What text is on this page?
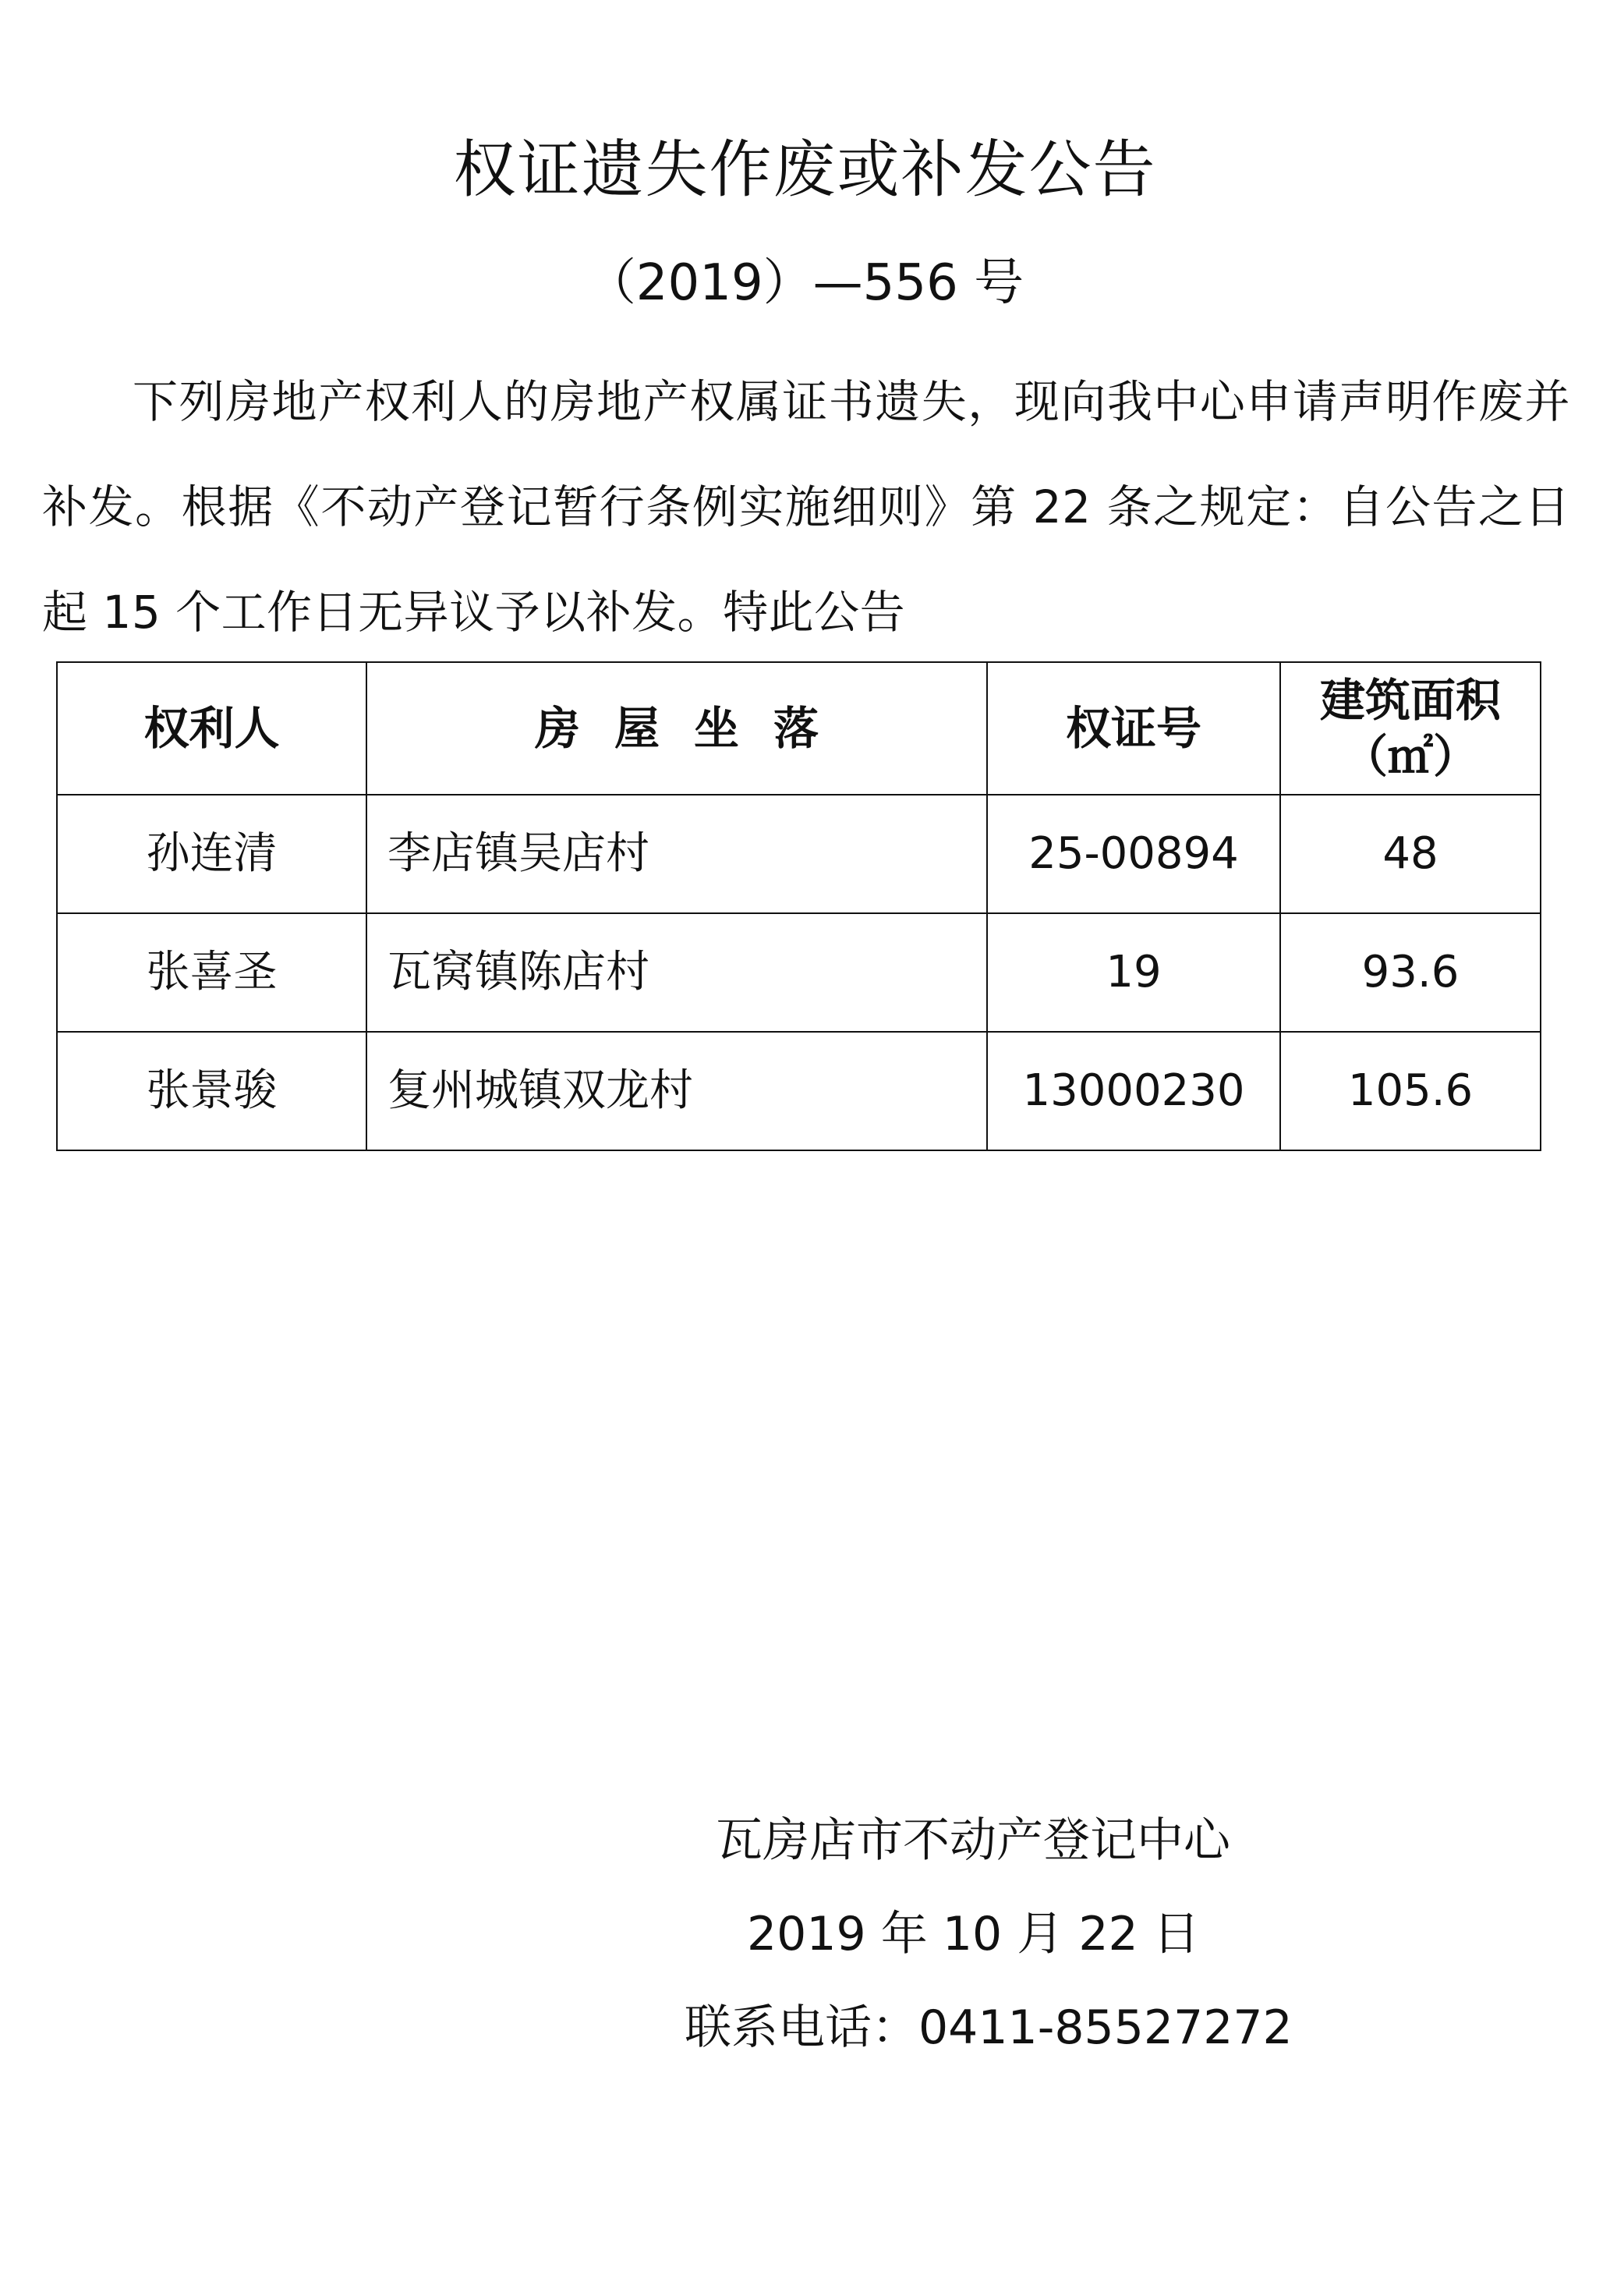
权证遗失作废或补发公告
（2019）—556 号
下列房地产权利人的房地产权属证书遗失，现向我中心申请声明作废并补发。根据《不动产登记暂行条例实施细则》第 22 条之规定：自公告之日起 15 个工作日无异议予以补发。特此公告
权利人	房屋坐落	权证号	建筑面积
（㎡）

孙连清	李店镇吴店村	25-00894	48
张喜圣	瓦窝镇陈店村	19	93.6
张景骏	复州城镇双龙村	13000230	105.6
瓦房店市不动产登记中心
2019 年 10 月 22 日
联系电话：0411-85527272
